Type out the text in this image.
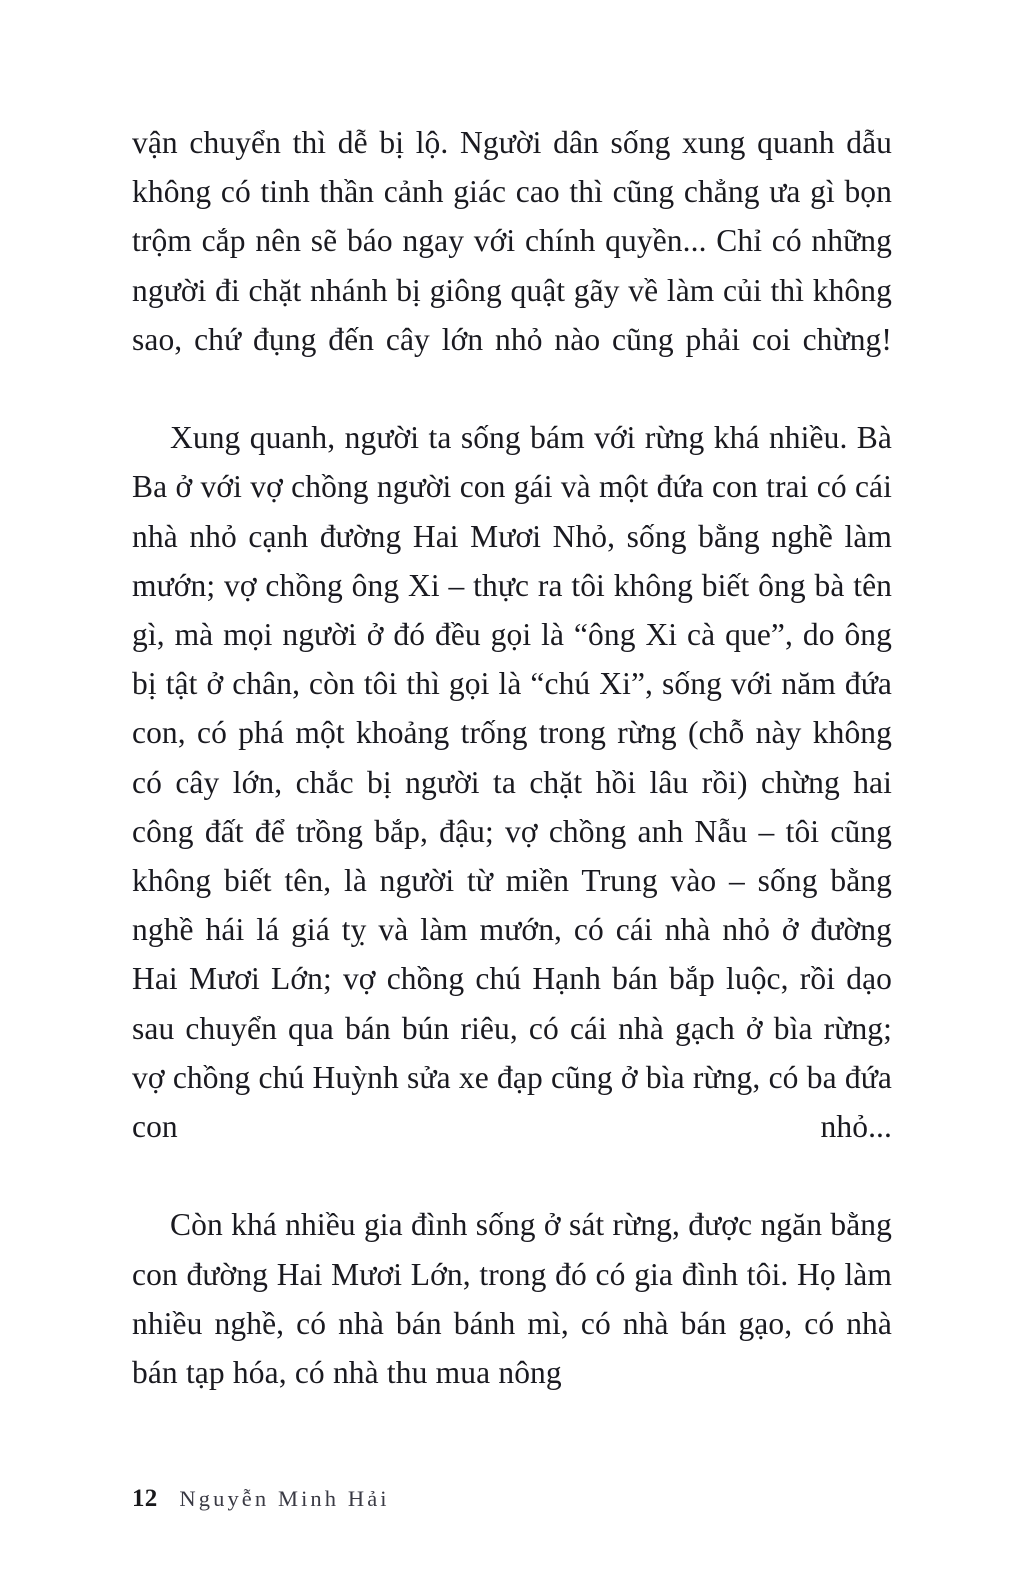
vận chuyển thì dễ bị lộ. Người dân sống xung quanh dẫu không có tinh thần cảnh giác cao thì cũng chẳng ưa gì bọn trộm cắp nên sẽ báo ngay với chính quyền... Chỉ có những người đi chặt nhánh bị giông quật gãy về làm củi thì không sao, chứ đụng đến cây lớn nhỏ nào cũng phải coi chừng!

Xung quanh, người ta sống bám với rừng khá nhiều. Bà Ba ở với vợ chồng người con gái và một đứa con trai có cái nhà nhỏ cạnh đường Hai Mươi Nhỏ, sống bằng nghề làm mướn; vợ chồng ông Xi – thực ra tôi không biết ông bà tên gì, mà mọi người ở đó đều gọi là “ông Xi cà que”, do ông bị tật ở chân, còn tôi thì gọi là “chú Xi”, sống với năm đứa con, có phá một khoảng trống trong rừng (chỗ này không có cây lớn, chắc bị người ta chặt hồi lâu rồi) chừng hai công đất để trồng bắp, đậu; vợ chồng anh Nẫu – tôi cũng không biết tên, là người từ miền Trung vào – sống bằng nghề hái lá giá tỵ và làm mướn, có cái nhà nhỏ ở đường Hai Mươi Lớn; vợ chồng chú Hạnh bán bắp luộc, rồi dạo sau chuyển qua bán bún riêu, có cái nhà gạch ở bìa rừng; vợ chồng chú Huỳnh sửa xe đạp cũng ở bìa rừng, có ba đứa con nhỏ...

Còn khá nhiều gia đình sống ở sát rừng, được ngăn bằng con đường Hai Mươi Lớn, trong đó có gia đình tôi. Họ làm nhiều nghề, có nhà bán bánh mì, có nhà bán gạo, có nhà bán tạp hóa, có nhà thu mua nông

12 Nguyễn Minh Hải
